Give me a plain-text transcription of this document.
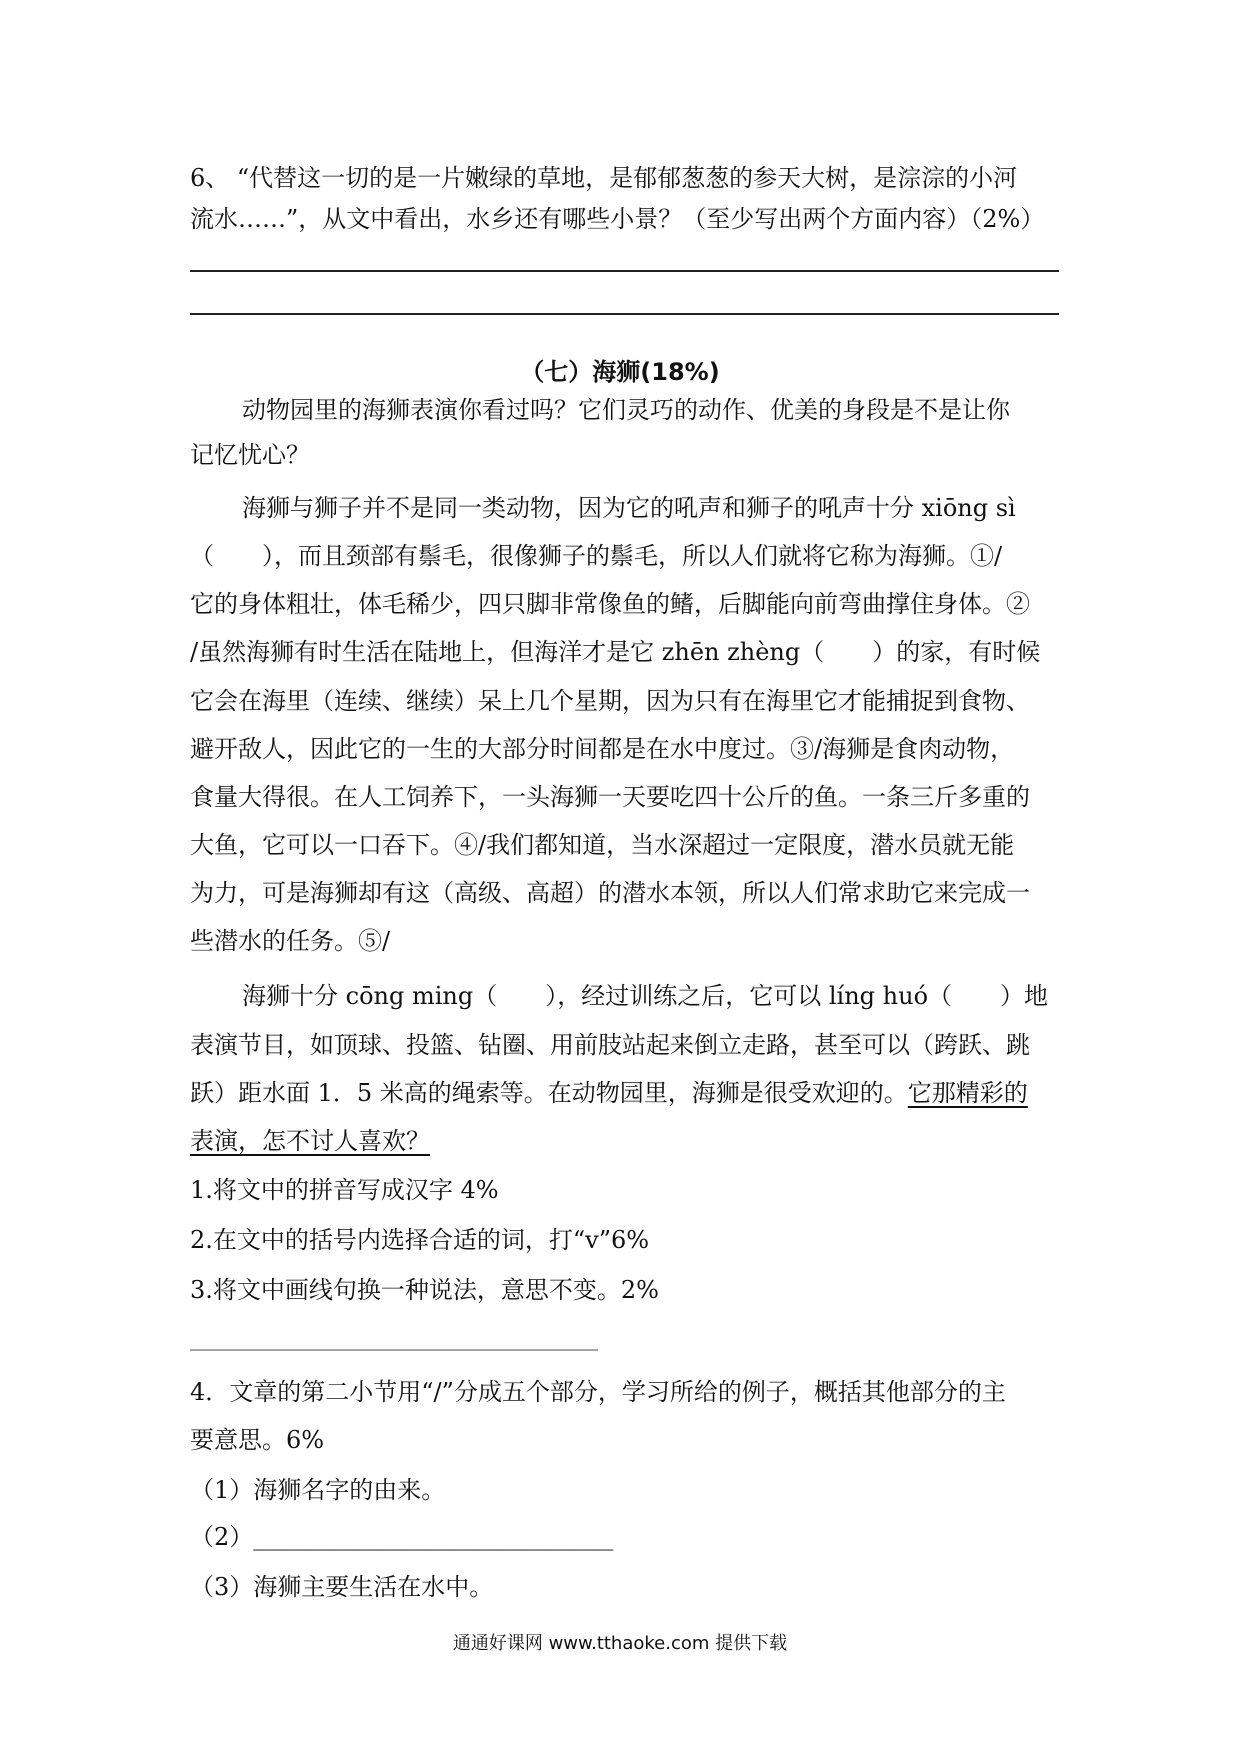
6、 “代替这一切的是一片嫩绿的草地，是郁郁葱葱的参天大树，是淙淙的小河
流水……”，从文中看出，水乡还有哪些小景？（至少写出两个方面内容）（2%）
（七）海狮(18%)
动物园里的海狮表演你看过吗？它们灵巧的动作、优美的身段是不是让你
记忆忧心？
海狮与狮子并不是同一类动物，因为它的吼声和狮子的吼声十分 xiōng sì
（　　），而且颈部有鬃毛，很像狮子的鬃毛，所以人们就将它称为海狮。①/
它的身体粗壮，体毛稀少，四只脚非常像鱼的鳍，后脚能向前弯曲撑住身体。②
/虽然海狮有时生活在陆地上，但海洋才是它 zhēn zhèng（　　）的家，有时候
它会在海里（连续、继续）呆上几个星期，因为只有在海里它才能捕捉到食物、
避开敌人，因此它的一生的大部分时间都是在水中度过。③/海狮是食肉动物，
食量大得很。在人工饲养下，一头海狮一天要吃四十公斤的鱼。一条三斤多重的
大鱼，它可以一口吞下。④/我们都知道，当水深超过一定限度，潜水员就无能
为力，可是海狮却有这（高级、高超）的潜水本领，所以人们常求助它来完成一
些潜水的任务。⑤/
海狮十分 cōng ming（　　），经过训练之后，它可以 líng huó（　　）地
表演节目，如顶球、投篮、钻圈、用前肢站起来倒立走路，甚至可以（跨跃、跳
跃）距水面 1．5 米高的绳索等。在动物园里，海狮是很受欢迎的。它那精彩的
表演，怎不讨人喜欢？
1.将文中的拼音写成汉字 4%
2.在文中的括号内选择合适的词，打“v”6%
3.将文中画线句换一种说法，意思不变。2%
__________________________________
4．文章的第二小节用“/”分成五个部分，学习所给的例子，概括其他部分的主
要意思。6%
（1）海狮名字的由来。
（2）______________________________
（3）海狮主要生活在水中。
通通好课网 www.tthaoke.com 提供下载
